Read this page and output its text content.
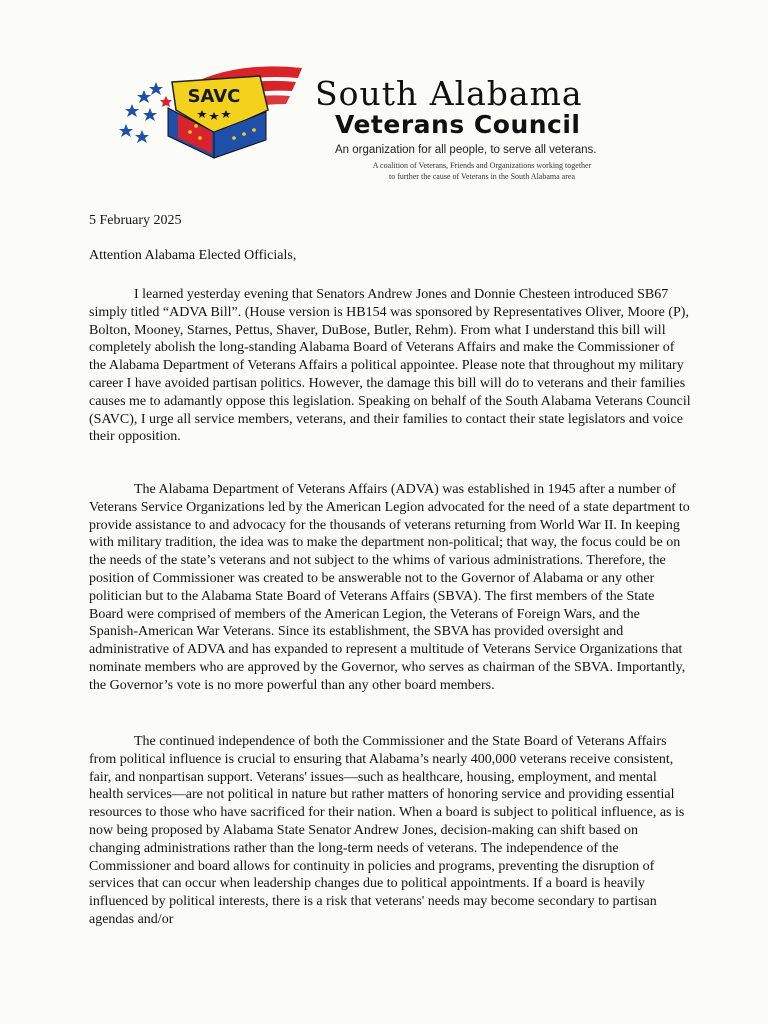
SAVC South Alabama
Veterans Council
An organization for all people, to serve all veterans.
A coalition of Veterans, Friends and Organizations working together
to further the cause of Veterans in the South Alabama area
5 February 2025
Attention Alabama Elected Officials,

I learned yesterday evening that Senators Andrew Jones and Donnie Chesteen introduced SB67 simply titled “ADVA Bill”. (House version is HB154 was sponsored by Representatives Oliver, Moore (P), Bolton, Mooney, Starnes, Pettus, Shaver, DuBose, Butler, Rehm). From what I understand this bill will completely abolish the long-standing Alabama Board of Veterans Affairs and make the Commissioner of the Alabama Department of Veterans Affairs a political appointee. Please note that throughout my military career I have avoided partisan politics. However, the damage this bill will do to veterans and their families causes me to adamantly oppose this legislation. Speaking on behalf of the South Alabama Veterans Council (SAVC), I urge all service members, veterans, and their families to contact their state legislators and voice their opposition.

The Alabama Department of Veterans Affairs (ADVA) was established in 1945 after a number of Veterans Service Organizations led by the American Legion advocated for the need of a state department to provide assistance to and advocacy for the thousands of veterans returning from World War II. In keeping with military tradition, the idea was to make the department non-political; that way, the focus could be on the needs of the state’s veterans and not subject to the whims of various administrations. Therefore, the position of Commissioner was created to be answerable not to the Governor of Alabama or any other politician but to the Alabama State Board of Veterans Affairs (SBVA). The first members of the State Board were comprised of members of the American Legion, the Veterans of Foreign Wars, and the Spanish-American War Veterans. Since its establishment, the SBVA has provided oversight and administrative of ADVA and has expanded to represent a multitude of Veterans Service Organizations that nominate members who are approved by the Governor, who serves as chairman of the SBVA. Importantly, the Governor’s vote is no more powerful than any other board members.

The continued independence of both the Commissioner and the State Board of Veterans Affairs from political influence is crucial to ensuring that Alabama’s nearly 400,000 veterans receive consistent, fair, and nonpartisan support. Veterans' issues—such as healthcare, housing, employment, and mental health services—are not political in nature but rather matters of honoring service and providing essential resources to those who have sacrificed for their nation. When a board is subject to political influence, as is now being proposed by Alabama State Senator Andrew Jones, decision-making can shift based on changing administrations rather than the long-term needs of veterans. The independence of the Commissioner and board allows for continuity in policies and programs, preventing the disruption of services that can occur when leadership changes due to political appointments. If a board is heavily influenced by political interests, there is a risk that veterans' needs may become secondary to partisan agendas and/or
